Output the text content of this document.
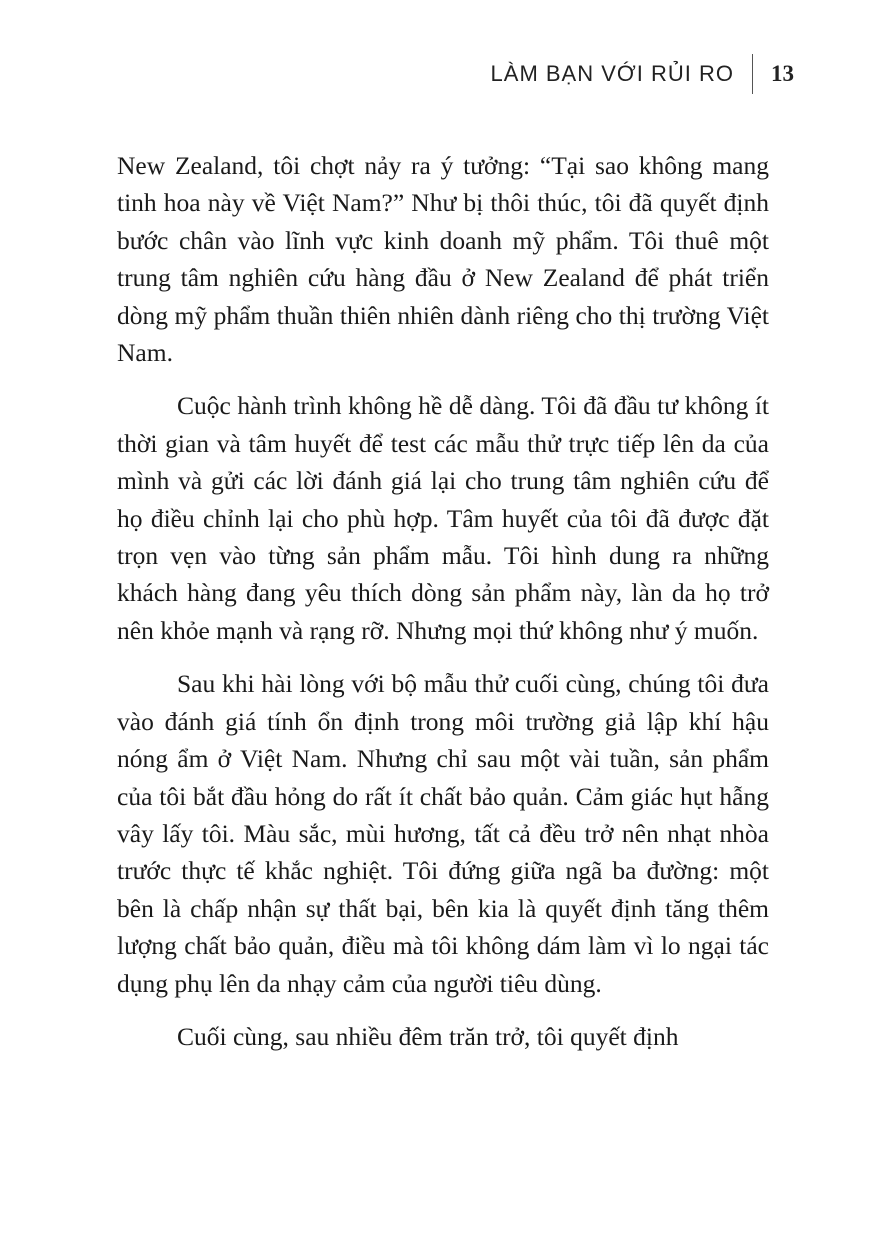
LÀM BẠN VỚI RỦI RO	13

New Zealand, tôi chợt nảy ra ý tưởng: “Tại sao không mang tinh hoa này về Việt Nam?” Như bị thôi thúc, tôi đã quyết định bước chân vào lĩnh vực kinh doanh mỹ phẩm. Tôi thuê một trung tâm nghiên cứu hàng đầu ở New Zealand để phát triển dòng mỹ phẩm thuần thiên nhiên dành riêng cho thị trường Việt Nam.

Cuộc hành trình không hề dễ dàng. Tôi đã đầu tư không ít thời gian và tâm huyết để test các mẫu thử trực tiếp lên da của mình và gửi các lời đánh giá lại cho trung tâm nghiên cứu để họ điều chỉnh lại cho phù hợp. Tâm huyết của tôi đã được đặt trọn vẹn vào từng sản phẩm mẫu. Tôi hình dung ra những khách hàng đang yêu thích dòng sản phẩm này, làn da họ trở nên khỏe mạnh và rạng rỡ. Nhưng mọi thứ không như ý muốn.

Sau khi hài lòng với bộ mẫu thử cuối cùng, chúng tôi đưa vào đánh giá tính ổn định trong môi trường giả lập khí hậu nóng ẩm ở Việt Nam. Nhưng chỉ sau một vài tuần, sản phẩm của tôi bắt đầu hỏng do rất ít chất bảo quản. Cảm giác hụt hẫng vây lấy tôi. Màu sắc, mùi hương, tất cả đều trở nên nhạt nhòa trước thực tế khắc nghiệt. Tôi đứng giữa ngã ba đường: một bên là chấp nhận sự thất bại, bên kia là quyết định tăng thêm lượng chất bảo quản, điều mà tôi không dám làm vì lo ngại tác dụng phụ lên da nhạy cảm của người tiêu dùng.

Cuối cùng, sau nhiều đêm trăn trở, tôi quyết định
